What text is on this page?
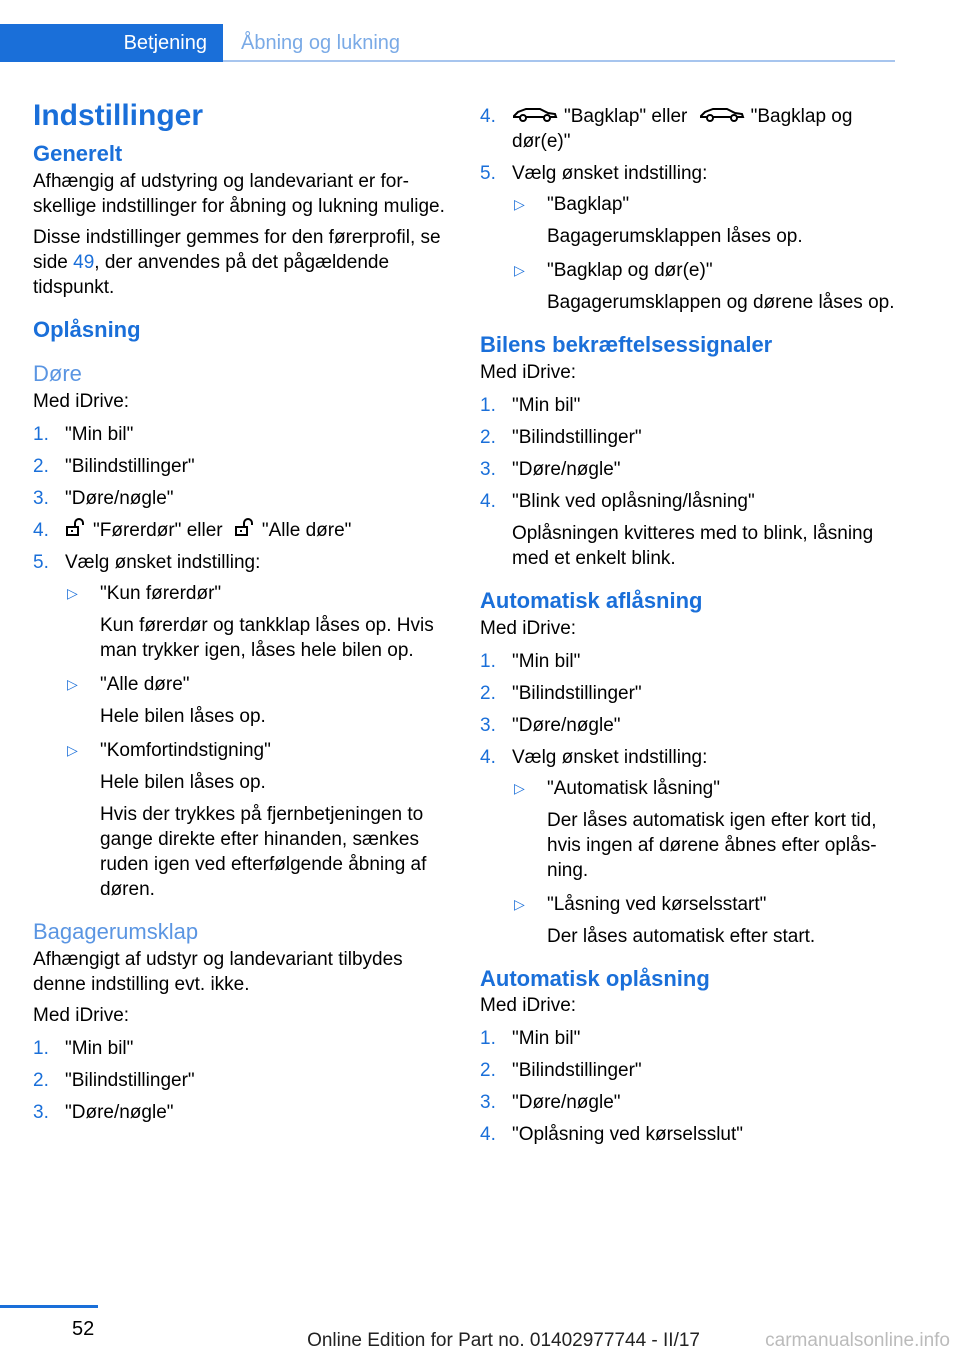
Betjening Åbning og lukning
Indstillinger
Generelt

Afhængig af udstyring og landevariant er forskellige indstillinger for åbning og lukning mulige.

Disse indstillinger gemmes for den førerprofil, se side 49, der anvendes på det pågældende tidspunkt.

Oplåsning
Døre

Med iDrive:

1. "Min bil"
2. "Bilindstillinger"
3. "Døre/nøgle"
4. "Førerdør" eller "Alle døre"
5. Vælg ønsket indstilling:
▷ "Kun førerdør"
Kun førerdør og tankklap låses op. Hvis man trykker igen, låses hele bilen op.
▷ "Alle døre"
Hele bilen låses op.
▷ "Komfortindstigning"
Hele bilen låses op.
Hvis der trykkes på fjernbetjeningen to gange direkte efter hinanden, sænkes ruden igen ved efterfølgende åbning af døren.
Bagagerumsklap

Afhængigt af udstyr og landevariant tilbydes denne indstilling evt. ikke.

Med iDrive:

1. "Min bil"
2. "Bilindstillinger"
3. "Døre/nøgle"
4.	"Bagklap" eller	"Bagklap og dør(e)"
5. Vælg ønsket indstilling:
▷ "Bagklap"
Bagagerumsklappen låses op.
▷ "Bagklap og dør(e)"
Bagagerumsklappen og dørene låses op.
Bilens bekræftelsessignaler

Med iDrive:

1. "Min bil"
2. "Bilindstillinger"
3. "Døre/nøgle"
4. "Blink ved oplåsning/låsning"
Oplåsningen kvitteres med to blink, låsning med et enkelt blink.
Automatisk aflåsning

Med iDrive:

1. "Min bil"
2. "Bilindstillinger"
3. "Døre/nøgle"
4. Vælg ønsket indstilling:
▷ "Automatisk låsning"
Der låses automatisk igen efter kort tid, hvis ingen af dørene åbnes efter oplåsning.
▷ "Låsning ved kørselsstart"
Der låses automatisk efter start.
Automatisk oplåsning

Med iDrive:

1. "Min bil"
2. "Bilindstillinger"
3. "Døre/nøgle"
4. "Oplåsning ved kørselsslut"
52
Online Edition for Part no. 01402977744 - II/17	carmanualsonline.info
